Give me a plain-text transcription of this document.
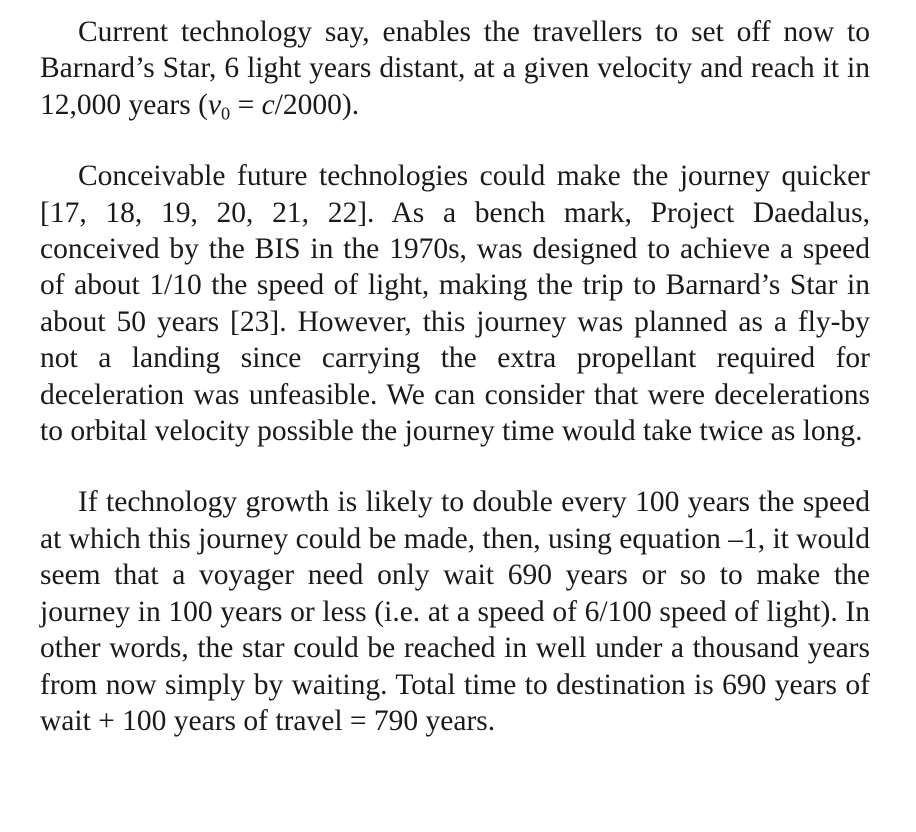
Current technology say, enables the travellers to set off now to Barnard’s Star, 6 light years distant, at a given velocity and reach it in 12,000 years $(v_0 = c/2000)$.

Conceivable future technologies could make the journey quicker [17, 18, 19, 20, 21, 22]. As a bench mark, Project Daedalus, conceived by the BIS in the 1970s, was designed to achieve a speed of about 1/10 the speed of light, making the trip to Barnard’s Star in about 50 years [23]. However, this journey was planned as a fly-by not a landing since carrying the extra propellant required for deceleration was unfeasible. We can consider that were decelerations to orbital velocity possible the journey time would take twice as long.

If technology growth is likely to double every 100 years the speed at which this journey could be made, then, using equation –1, it would seem that a voyager need only wait 690 years or so to make the journey in 100 years or less (i.e. at a speed of 6/100 speed of light). In other words, the star could be reached in well under a thousand years from now simply by waiting. Total time to destination is 690 years of wait + 100 years of travel = 790 years.
